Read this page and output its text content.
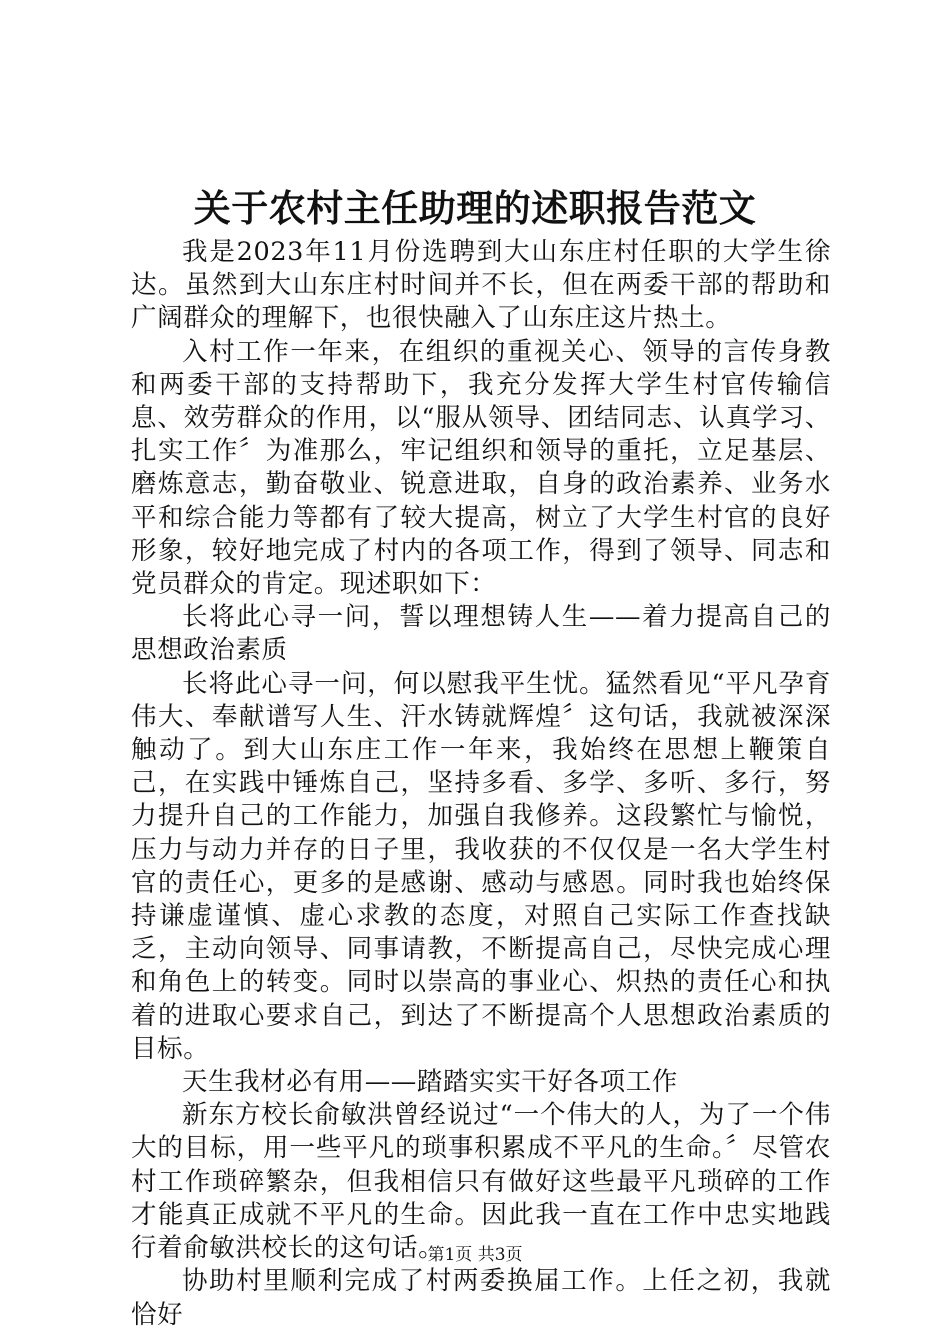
关于农村主任助理的述职报告范文

我是2023年11月份选聘到大山东庄村任职的大学生徐达。虽然到大山东庄村时间并不长，但在两委干部的帮助和广阔群众的理解下，也很快融入了山东庄这片热土。

入村工作一年来，在组织的重视关心、领导的言传身教和两委干部的支持帮助下，我充分发挥大学生村官传输信息、效劳群众的作用，以“服从领导、团结同志、认真学习、扎实工作〞为准那么，牢记组织和领导的重托，立足基层、磨炼意志，勤奋敬业、锐意进取，自身的政治素养、业务水平和综合能力等都有了较大提高，树立了大学生村官的良好形象，较好地完成了村内的各项工作，得到了领导、同志和党员群众的肯定。现述职如下：

长将此心寻一问，誓以理想铸人生——着力提高自己的思想政治素质

长将此心寻一问，何以慰我平生忧。猛然看见“平凡孕育伟大、奉献谱写人生、汗水铸就辉煌〞这句话，我就被深深触动了。到大山东庄工作一年来，我始终在思想上鞭策自己，在实践中锤炼自己，坚持多看、多学、多听、多行，努力提升自己的工作能力，加强自我修养。这段繁忙与愉悦，压力与动力并存的日子里，我收获的不仅仅是一名大学生村官的责任心，更多的是感谢、感动与感恩。同时我也始终保持谦虚谨慎、虚心求教的态度，对照自己实际工作查找缺乏，主动向领导、同事请教，不断提高自己，尽快完成心理和角色上的转变。同时以崇高的事业心、炽热的责任心和执着的进取心要求自己，到达了不断提高个人思想政治素质的目标。

天生我材必有用——踏踏实实干好各项工作

新东方校长俞敏洪曾经说过“一个伟大的人，为了一个伟大的目标，用一些平凡的琐事积累成不平凡的生命。〞尽管农村工作琐碎繁杂，但我相信只有做好这些最平凡琐碎的工作才能真正成就不平凡的生命。因此我一直在工作中忠实地践行着俞敏洪校长的这句话。

协助村里顺利完成了村两委换届工作。上任之初，我就恰好

第1页 共3页
